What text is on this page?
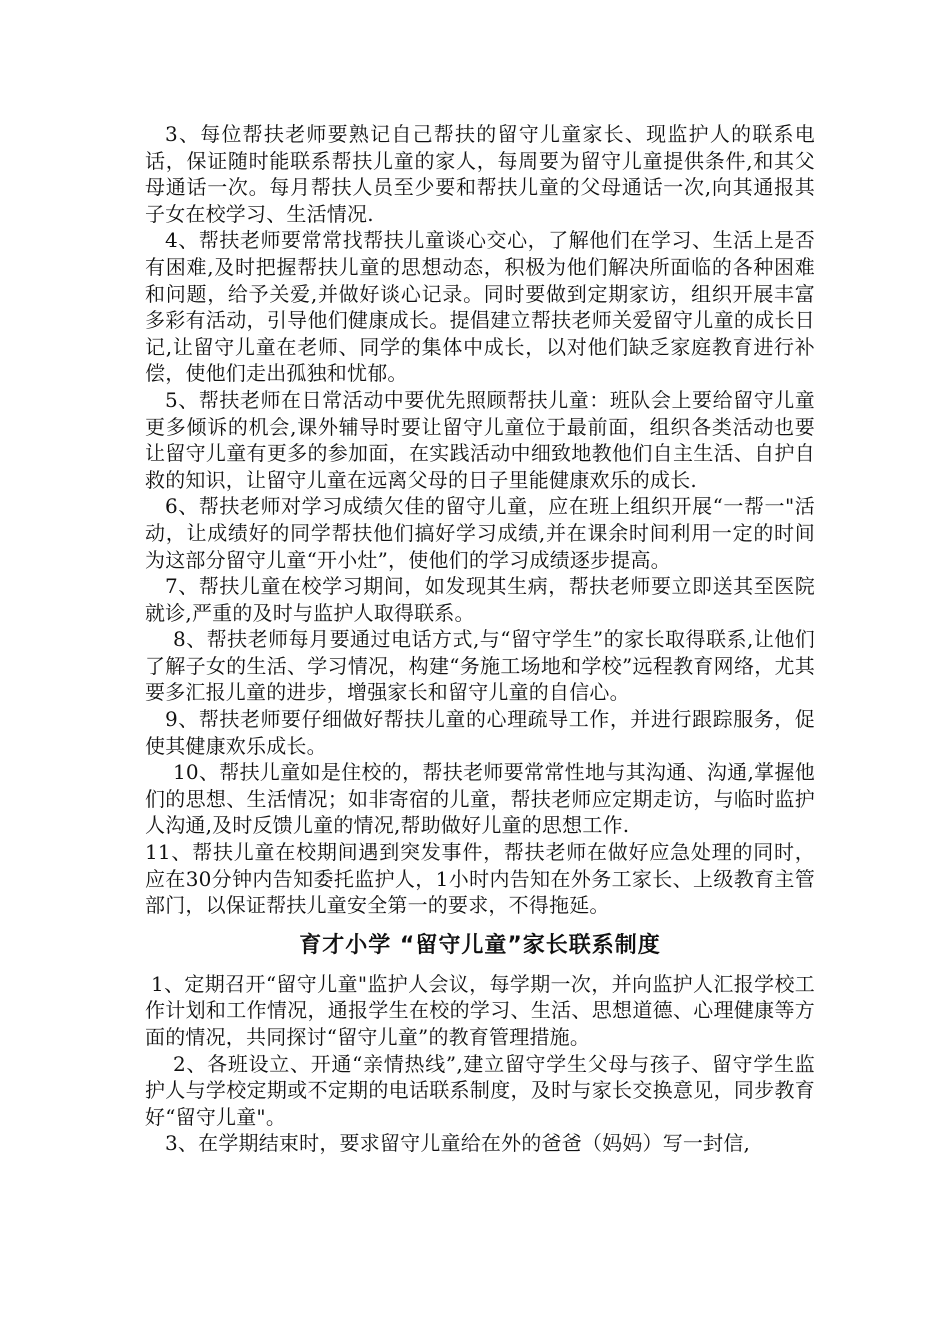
3、每位帮扶老师要熟记自己帮扶的留守儿童家长、现监护人的联系电话，保证随时能联系帮扶儿童的家人，每周要为留守儿童提供条件,和其父母通话一次。每月帮扶人员至少要和帮扶儿童的父母通话一次,向其通报其子女在校学习、生活情况.

4、帮扶老师要常常找帮扶儿童谈心交心，了解他们在学习、生活上是否有困难,及时把握帮扶儿童的思想动态，积极为他们解决所面临的各种困难和问题，给予关爱,并做好谈心记录。同时要做到定期家访，组织开展丰富多彩有活动，引导他们健康成长。提倡建立帮扶老师关爱留守儿童的成长日记,让留守儿童在老师、同学的集体中成长，以对他们缺乏家庭教育进行补偿，使他们走出孤独和忧郁。

5、帮扶老师在日常活动中要优先照顾帮扶儿童：班队会上要给留守儿童更多倾诉的机会,课外辅导时要让留守儿童位于最前面，组织各类活动也要让留守儿童有更多的参加面，在实践活动中细致地教他们自主生活、自护自救的知识，让留守儿童在远离父母的日子里能健康欢乐的成长.

6、帮扶老师对学习成绩欠佳的留守儿童，应在班上组织开展“一帮一"活动，让成绩好的同学帮扶他们搞好学习成绩,并在课余时间利用一定的时间为这部分留守儿童“开小灶”，使他们的学习成绩逐步提高。

7、帮扶儿童在校学习期间，如发现其生病，帮扶老师要立即送其至医院就诊,严重的及时与监护人取得联系。

8、帮扶老师每月要通过电话方式,与“留守学生”的家长取得联系,让他们了解子女的生活、学习情况，构建“务施工场地和学校”远程教育网络，尤其要多汇报儿童的进步，增强家长和留守儿童的自信心。

9、帮扶老师要仔细做好帮扶儿童的心理疏导工作，并进行跟踪服务，促使其健康欢乐成长。

10、帮扶儿童如是住校的，帮扶老师要常常性地与其沟通、沟通,掌握他们的思想、生活情况；如非寄宿的儿童，帮扶老师应定期走访，与临时监护人沟通,及时反馈儿童的情况,帮助做好儿童的思想工作.

11、帮扶儿童在校期间遇到突发事件，帮扶老师在做好应急处理的同时，应在30分钟内告知委托监护人，1小时内告知在外务工家长、上级教育主管部门，以保证帮扶儿童安全第一的要求，不得拖延。

育才小学 “留守儿童”家长联系制度

1、定期召开“留守儿童"监护人会议，每学期一次，并向监护人汇报学校工作计划和工作情况，通报学生在校的学习、生活、思想道德、心理健康等方面的情况，共同探讨“留守儿童”的教育管理措施。

2、各班设立、开通“亲情热线”,建立留守学生父母与孩子、留守学生监护人与学校定期或不定期的电话联系制度，及时与家长交换意见，同步教育好“留守儿童"。

3、在学期结束时，要求留守儿童给在外的爸爸（妈妈）写一封信,
